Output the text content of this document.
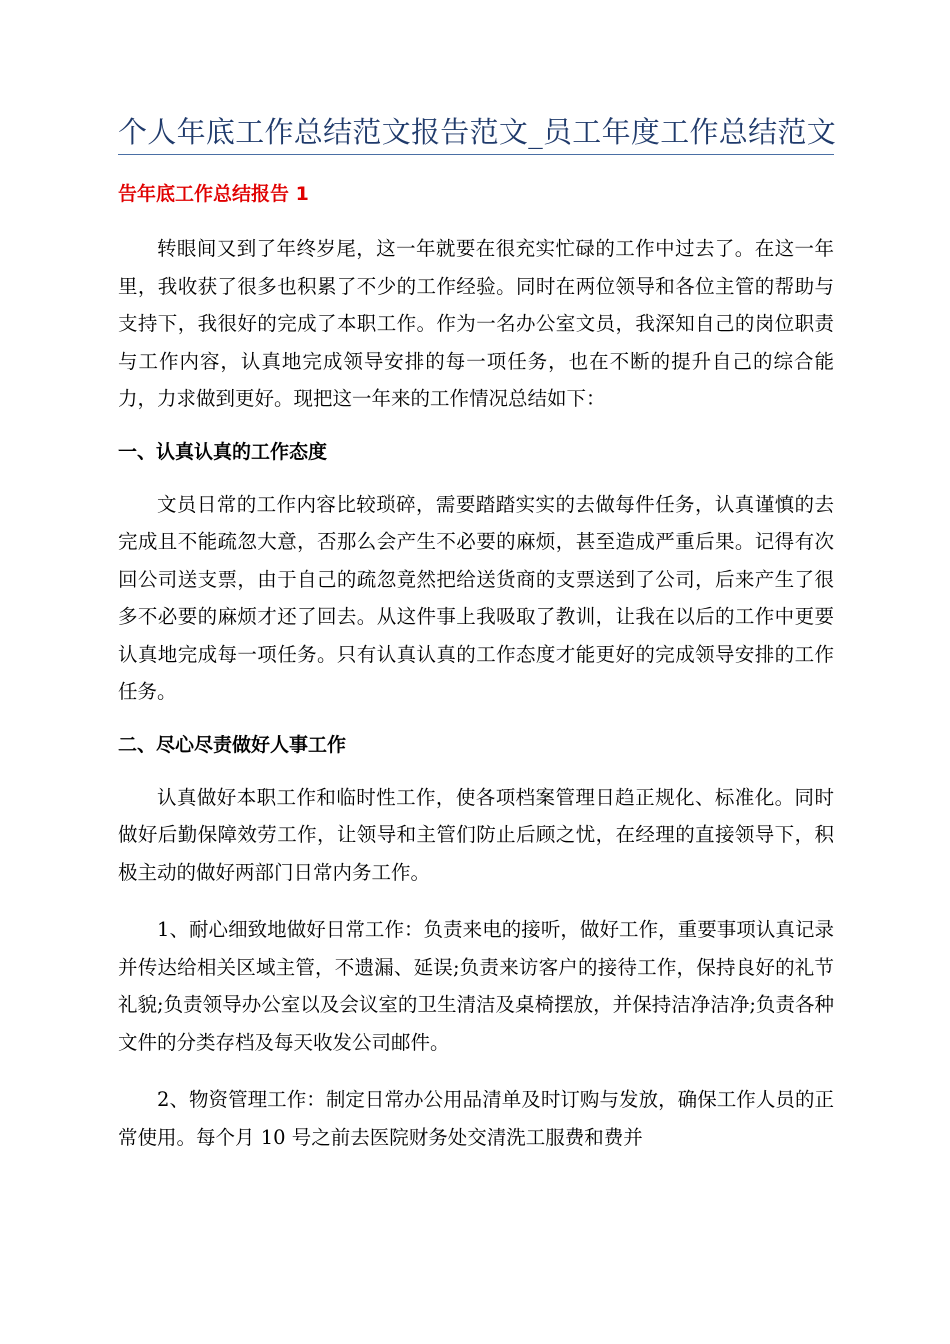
个人年底工作总结范文报告范文_员工年度工作总结范文

告年底工作总结报告 1

转眼间又到了年终岁尾，这一年就要在很充实忙碌的工作中过去了。在这一年里，我收获了很多也积累了不少的工作经验。同时在两位领导和各位主管的帮助与支持下，我很好的完成了本职工作。作为一名办公室文员，我深知自己的岗位职责与工作内容，认真地完成领导安排的每一项任务，也在不断的提升自己的综合能力，力求做到更好。现把这一年来的工作情况总结如下：

一、认真认真的工作态度

文员日常的工作内容比较琐碎，需要踏踏实实的去做每件任务，认真谨慎的去完成且不能疏忽大意，否那么会产生不必要的麻烦，甚至造成严重后果。记得有次回公司送支票，由于自己的疏忽竟然把给送货商的支票送到了公司，后来产生了很多不必要的麻烦才还了回去。从这件事上我吸取了教训，让我在以后的工作中更要认真地完成每一项任务。只有认真认真的工作态度才能更好的完成领导安排的工作任务。

二、尽心尽责做好人事工作

认真做好本职工作和临时性工作，使各项档案管理日趋正规化、标准化。同时做好后勤保障效劳工作，让领导和主管们防止后顾之忧，在经理的直接领导下，积极主动的做好两部门日常内务工作。

1、耐心细致地做好日常工作：负责来电的接听，做好工作，重要事项认真记录并传达给相关区域主管，不遗漏、延误;负责来访客户的接待工作，保持良好的礼节礼貌;负责领导办公室以及会议室的卫生清洁及桌椅摆放，并保持洁净洁净;负责各种文件的分类存档及每天收发公司邮件。

2、物资管理工作：制定日常办公用品清单及时订购与发放，确保工作人员的正常使用。每个月 10 号之前去医院财务处交清洗工服费和费并
